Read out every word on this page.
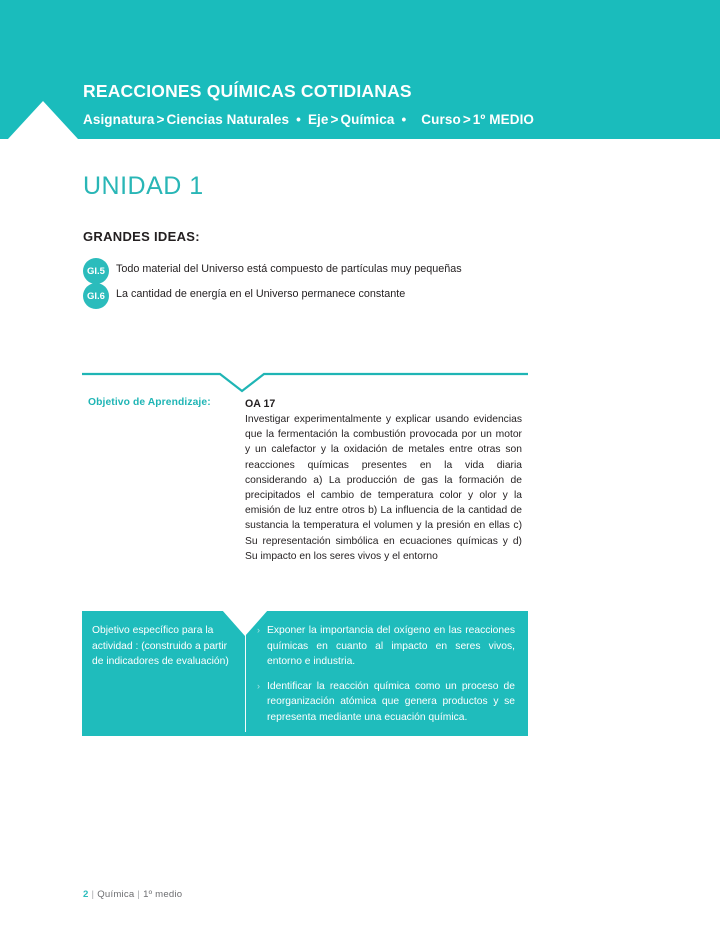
REACCIONES QUÍMICAS COTIDIANAS
Asignatura > Ciencias Naturales • Eje > Química • Curso > 1º MEDIO
UNIDAD 1
GRANDES IDEAS:
GI.5	Todo material del Universo está compuesto de partículas muy pequeñas
GI.6	La cantidad de energía en el Universo permanece constante
Objetivo de Aprendizaje:	OA 17
Investigar experimentalmente y explicar usando evidencias que la fermentación la combustión provocada por un motor y un calefactor y la oxidación de metales entre otras son reacciones químicas presentes en la vida diaria considerando a) La producción de gas la formación de precipitados el cambio de temperatura color y olor y la emisión de luz entre otros b) La influencia de la cantidad de sustancia la temperatura el volumen y la presión en ellas c) Su representación simbólica en ecuaciones químicas y d) Su impacto en los seres vivos y el entorno
Objetivo específico para la actividad : (construido a partir de indicadores de evaluación)
› Exponer la importancia del oxígeno en las reacciones químicas en cuanto al impacto en seres vivos, entorno e industria.
› Identificar la reacción química como un proceso de reorganización atómica que genera productos y se representa mediante una ecuación química.
2 | Química | 1º medio
